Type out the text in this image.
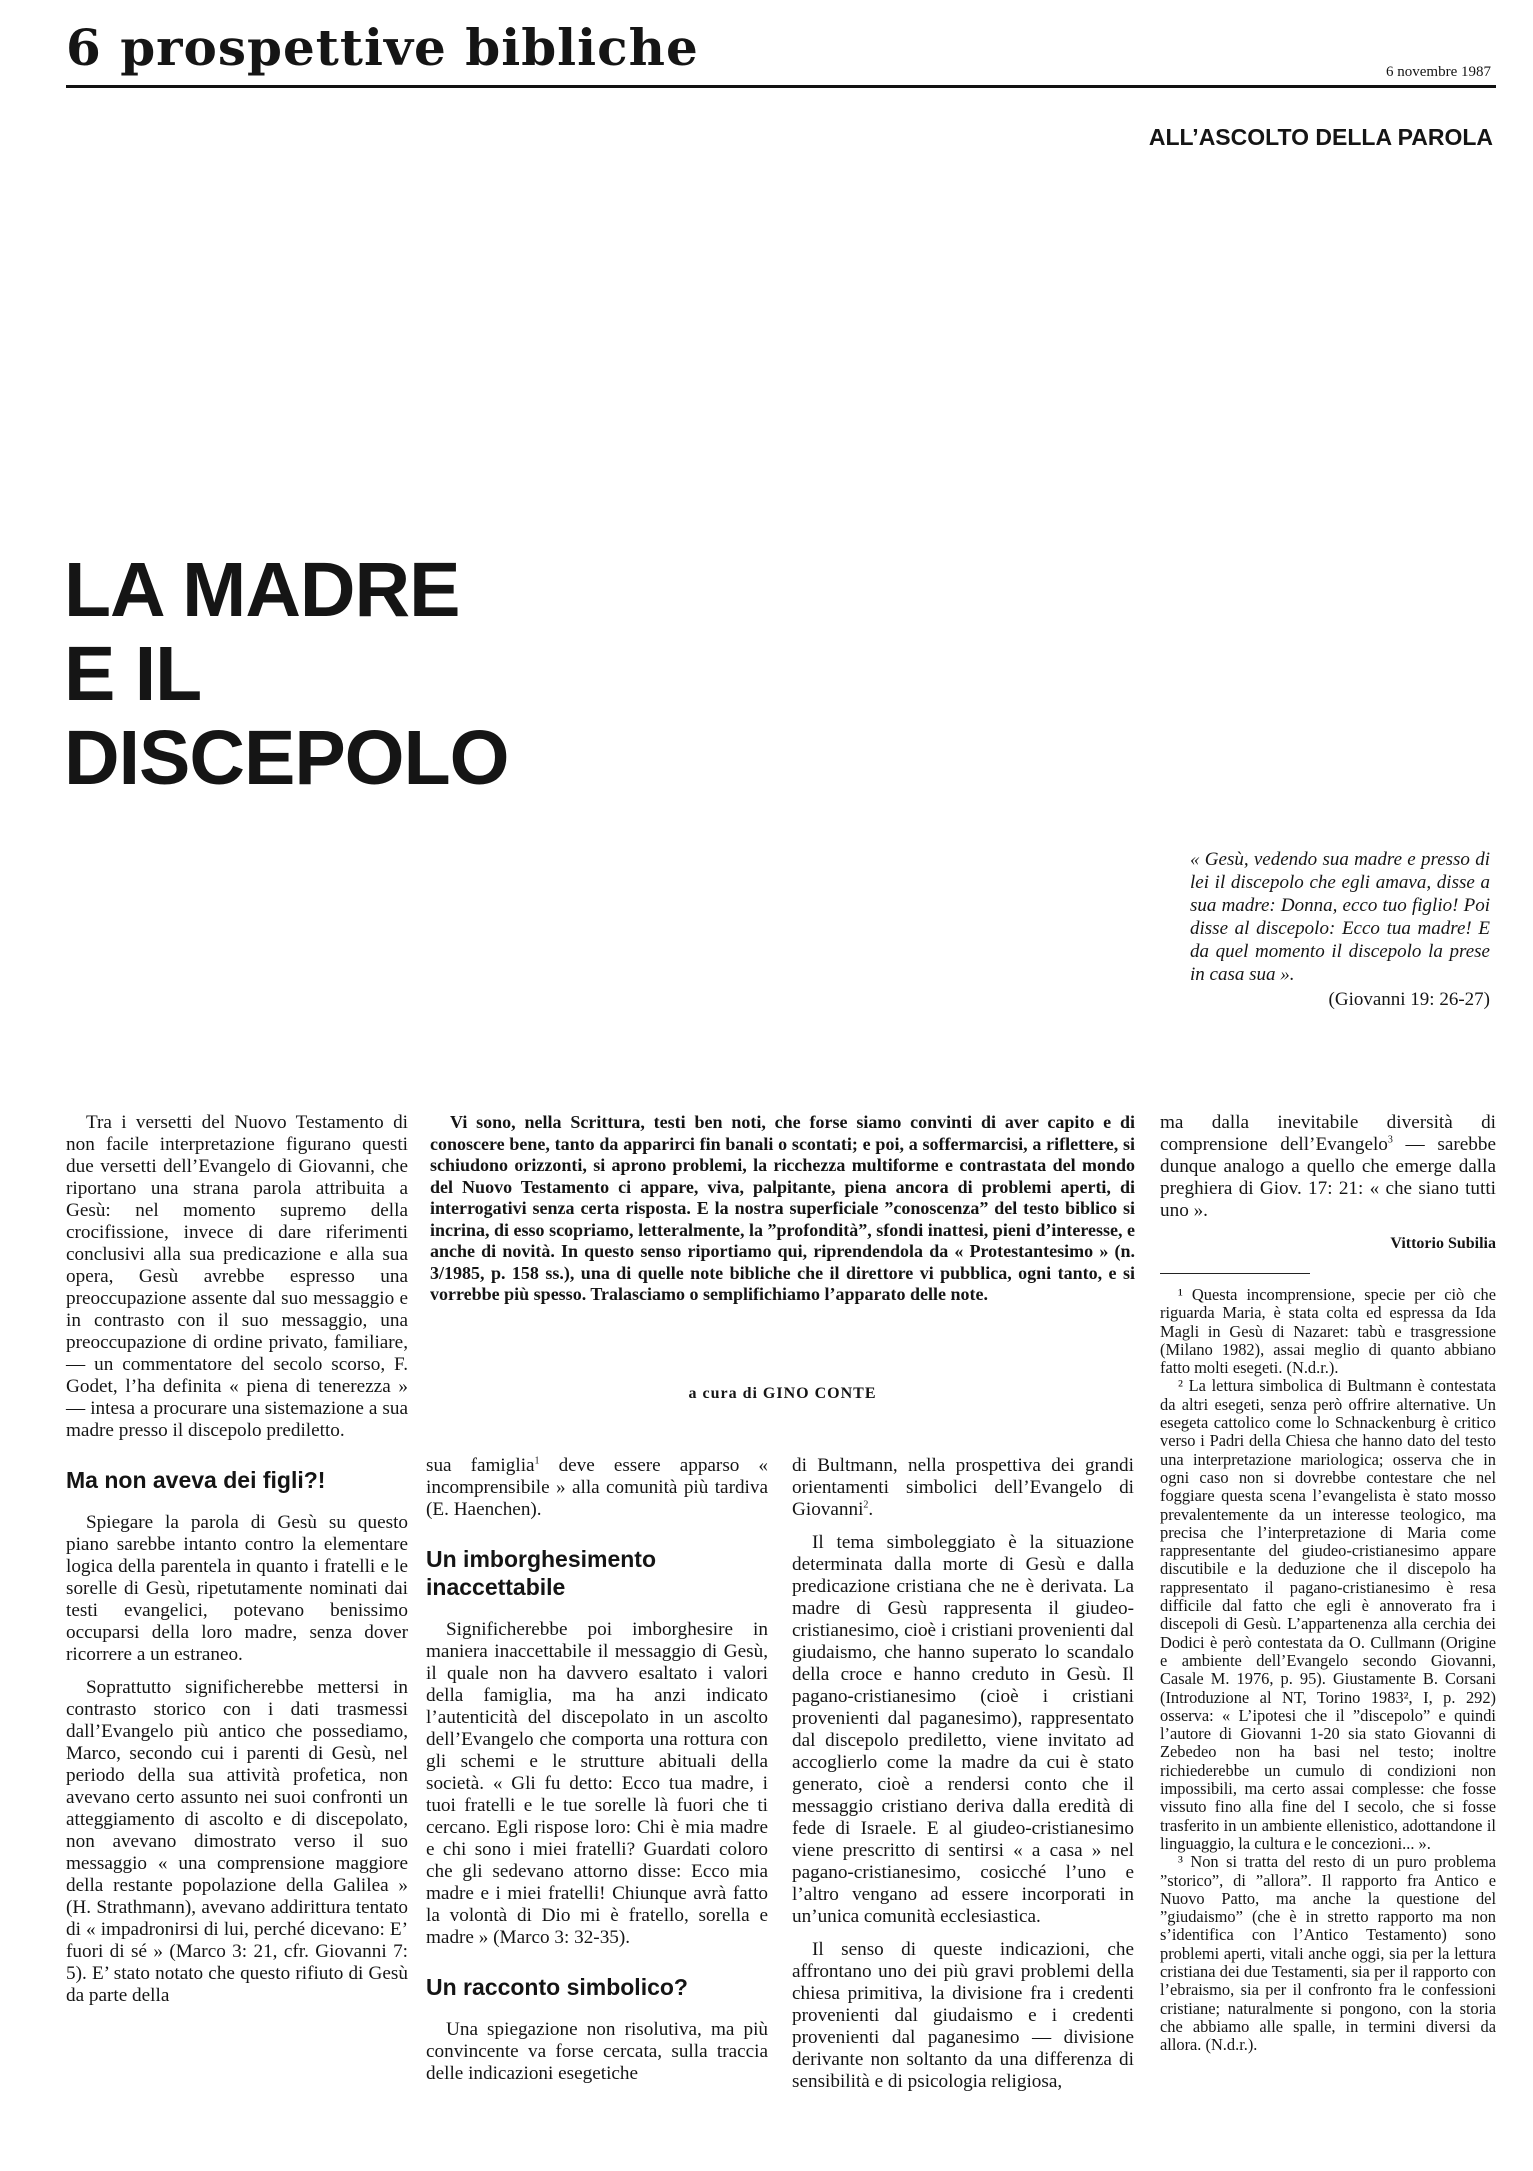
6 prospettive bibliche	6 novembre 1987
ALL’ASCOLTO DELLA PAROLA
LA MADRE
E IL
DISCEPOLO
« Gesù, vedendo sua madre e presso di lei il discepolo che egli amava, disse a sua madre: Donna, ecco tuo figlio! Poi disse al discepolo: Ecco tua madre! E da quel momento il discepolo la prese in casa sua ».
(Giovanni 19: 26-27)

Vi sono, nella Scrittura, testi ben noti, che forse siamo convinti di aver capito e di conoscere bene, tanto da apparirci fin banali o scontati; e poi, a soffermarcisi, a riflettere, si schiudono orizzonti, si aprono problemi, la ricchezza multiforme e contrastata del mondo del Nuovo Testamento ci appare, viva, palpitante, piena ancora di problemi aperti, di interrogativi senza certa risposta. E la nostra superficiale ”conoscenza” del testo biblico si incrina, di esso scopriamo, letteralmente, la ”profondità”, sfondi inattesi, pieni d’interesse, e anche di novità. In questo senso riportiamo qui, riprendendola da « Protestantesimo » (n. 3/1985, p. 158 ss.), una di quelle note bibliche che il direttore vi pubblica, ogni tanto, e si vorrebbe più spesso. Tralasciamo o semplifichiamo l’apparato delle note.

a cura di GINO CONTE

Tra i versetti del Nuovo Testamento di non facile interpretazione figurano questi due versetti dell’Evangelo di Giovanni, che riportano una strana parola attribuita a Gesù: nel momento supremo della crocifissione, invece di dare riferimenti conclusivi alla sua predicazione e alla sua opera, Gesù avrebbe espresso una preoccupazione assente dal suo messaggio e in contrasto con il suo messaggio, una preoccupazione di ordine privato, familiare, — un commentatore del secolo scorso, F. Godet, l’ha definita « piena di tenerezza » — intesa a procurare una sistemazione a sua madre presso il discepolo prediletto.

Ma non aveva dei figli?!

Spiegare la parola di Gesù su questo piano sarebbe intanto contro la elementare logica della parentela in quanto i fratelli e le sorelle di Gesù, ripetutamente nominati dai testi evangelici, potevano benissimo occuparsi della loro madre, senza dover ricorrere a un estraneo.

Soprattutto significherebbe mettersi in contrasto storico con i dati trasmessi dall’Evangelo più antico che possediamo, Marco, secondo cui i parenti di Gesù, nel periodo della sua attività profetica, non avevano certo assunto nei suoi confronti un atteggiamento di ascolto e di discepolato, non avevano dimostrato verso il suo messaggio « una comprensione maggiore della restante popolazione della Galilea » (H. Strathmann), avevano addirittura tentato di « impadronirsi di lui, perché dicevano: E’ fuori di sé » (Marco 3: 21, cfr. Giovanni 7: 5). E’ stato notato che questo rifiuto di Gesù da parte della

sua famiglia$^1$ deve essere apparso « incomprensibile » alla comunità più tardiva (E. Haenchen).

Un imborghesimento inaccettabile

Significherebbe poi imborghesire in maniera inaccettabile il messaggio di Gesù, il quale non ha davvero esaltato i valori della famiglia, ma ha anzi indicato l’autenticità del discepolato in un ascolto dell’Evangelo che comporta una rottura con gli schemi e le strutture abituali della società. « Gli fu detto: Ecco tua madre, i tuoi fratelli e le tue sorelle là fuori che ti cercano. Egli rispose loro: Chi è mia madre e chi sono i miei fratelli? Guardati coloro che gli sedevano attorno disse: Ecco mia madre e i miei fratelli! Chiunque avrà fatto la volontà di Dio mi è fratello, sorella e madre » (Marco 3: 32-35).

Un racconto simbolico?

Una spiegazione non risolutiva, ma più convincente va forse cercata, sulla traccia delle indicazioni esegetiche

di Bultmann, nella prospettiva dei grandi orientamenti simbolici dell’Evangelo di Giovanni$^2$.

Il tema simboleggiato è la situazione determinata dalla morte di Gesù e dalla predicazione cristiana che ne è derivata. La madre di Gesù rappresenta il giudeo-cristianesimo, cioè i cristiani provenienti dal giudaismo, che hanno superato lo scandalo della croce e hanno creduto in Gesù. Il pagano-cristianesimo (cioè i cristiani provenienti dal paganesimo), rappresentato dal discepolo prediletto, viene invitato ad accoglierlo come la madre da cui è stato generato, cioè a rendersi conto che il messaggio cristiano deriva dalla eredità di fede di Israele. E al giudeo-cristianesimo viene prescritto di sentirsi « a casa » nel pagano-cristianesimo, cosicché l’uno e l’altro vengano ad essere incorporati in un’unica comunità ecclesiastica.

Il senso di queste indicazioni, che affrontano uno dei più gravi problemi della chiesa primitiva, la divisione fra i credenti provenienti dal giudaismo e i credenti provenienti dal paganesimo — divisione derivante non soltanto da una differenza di sensibilità e di psicologia religiosa,

ma dalla inevitabile diversità di comprensione dell’Evangelo$^3$ — sarebbe dunque analogo a quello che emerge dalla preghiera di Giov. 17: 21: « che siano tutti uno ».

Vittorio Subilia

¹ Questa incomprensione, specie per ciò che riguarda Maria, è stata colta ed espressa da Ida Magli in Gesù di Nazaret: tabù e trasgressione (Milano 1982), assai meglio di quanto abbiano fatto molti esegeti. (N.d.r.).

² La lettura simbolica di Bultmann è contestata da altri esegeti, senza però offrire alternative. Un esegeta cattolico come lo Schnackenburg è critico verso i Padri della Chiesa che hanno dato del testo una interpretazione mariologica; osserva che in ogni caso non si dovrebbe contestare che nel foggiare questa scena l’evangelista è stato mosso prevalentemente da un interesse teologico, ma precisa che l’interpretazione di Maria come rappresentante del giudeo-cristianesimo appare discutibile e la deduzione che il discepolo ha rappresentato il pagano-cristianesimo è resa difficile dal fatto che egli è annoverato fra i discepoli di Gesù. L’appartenenza alla cerchia dei Dodici è però contestata da O. Cullmann (Origine e ambiente dell’Evangelo secondo Giovanni, Casale M. 1976, p. 95). Giustamente B. Corsani (Introduzione al NT, Torino 1983², I, p. 292) osserva: « L’ipotesi che il ”discepolo” e quindi l’autore di Giovanni 1-20 sia stato Giovanni di Zebedeo non ha basi nel testo; inoltre richiederebbe un cumulo di condizioni non impossibili, ma certo assai complesse: che fosse vissuto fino alla fine del I secolo, che si fosse trasferito in un ambiente ellenistico, adottandone il linguaggio, la cultura e le concezioni... ».

³ Non si tratta del resto di un puro problema ”storico”, di ”allora”. Il rapporto fra Antico e Nuovo Patto, ma anche la questione del ”giudaismo” (che è in stretto rapporto ma non s’identifica con l’Antico Testamento) sono problemi aperti, vitali anche oggi, sia per la lettura cristiana dei due Testamenti, sia per il rapporto con l’ebraismo, sia per il confronto fra le confessioni cristiane; naturalmente si pongono, con la storia che abbiamo alle spalle, in termini diversi da allora. (N.d.r.).
